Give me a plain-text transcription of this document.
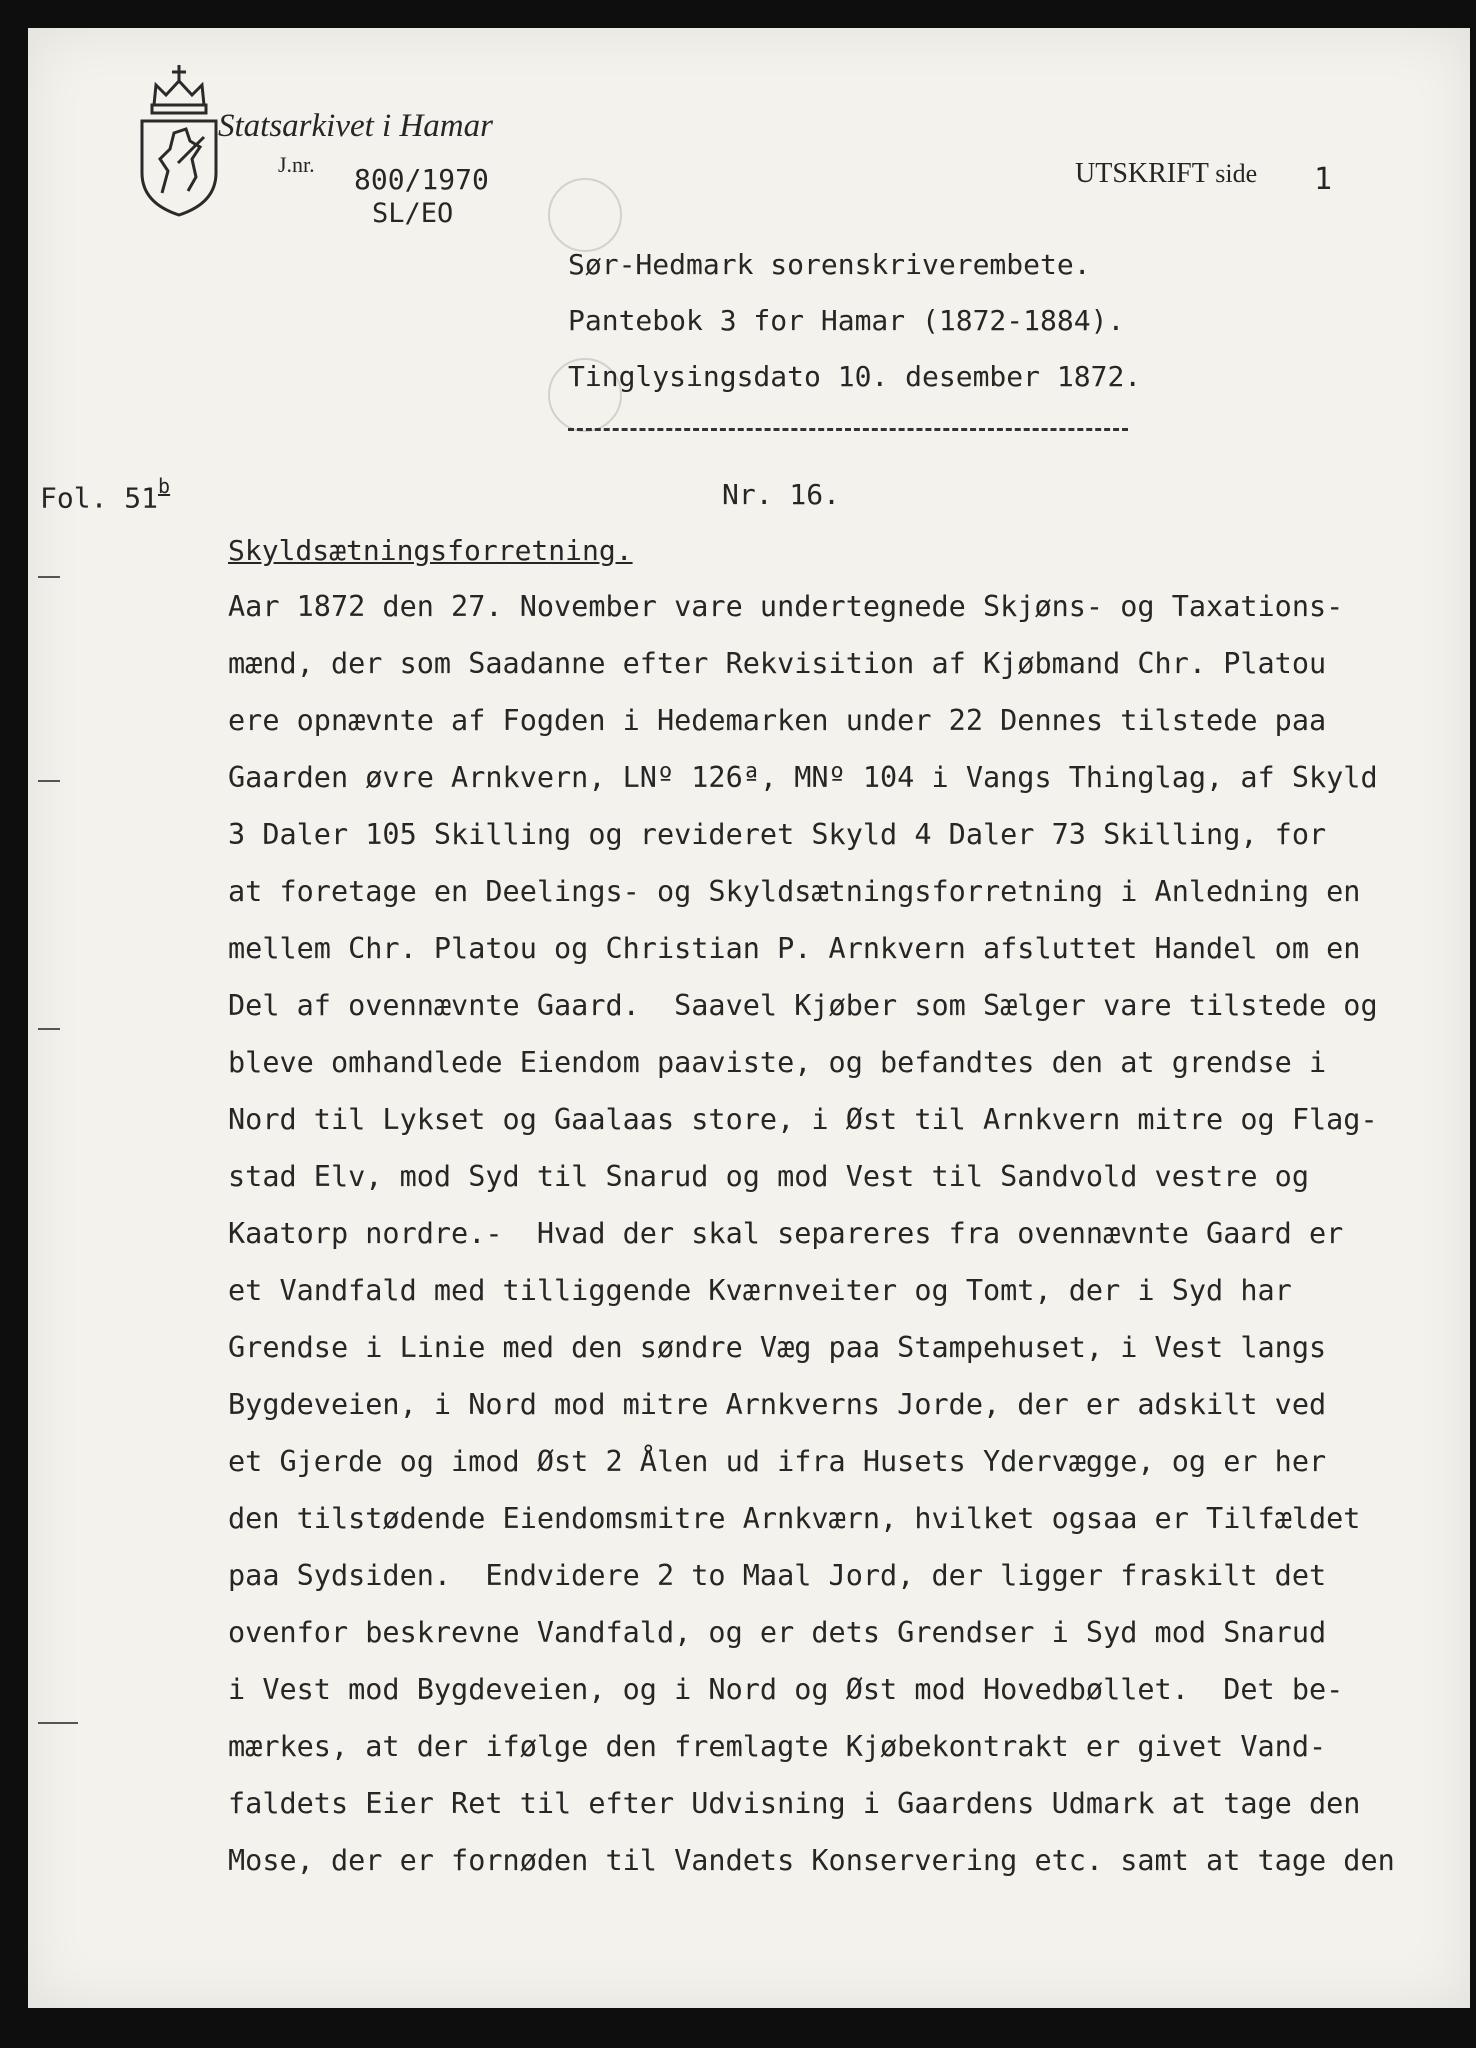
Statsarkivet i Hamar
J.nr. 800/1970
SL/EO
UTSKRIFT side 1
Sør-Hedmark sorenskriverembete.
Pantebok 3 for Hamar (1872-1884).
Tinglysingsdato 10. desember 1872.
Fol. 51$^b$	Nr. 16.
Skyldsætningsforretning.
Aar 1872 den 27. November vare undertegnede Skjøns- og Taxations-
mænd, der som Saadanne efter Rekvisition af Kjøbmand Chr. Platou
ere opnævnte af Fogden i Hedemarken under 22 Dennes tilstede paa
Gaarden øvre Arnkvern, LNº 126ª, MNº 104 i Vangs Thinglag, af Skyld
3 Daler 105 Skilling og revideret Skyld 4 Daler 73 Skilling, for
at foretage en Deelings- og Skyldsætningsforretning i Anledning en
mellem Chr. Platou og Christian P. Arnkvern afsluttet Handel om en
Del af ovennævnte Gaard.  Saavel Kjøber som Sælger vare tilstede og
bleve omhandlede Eiendom paaviste, og befandtes den at grendse i
Nord til Lykset og Gaalaas store, i Øst til Arnkvern mitre og Flag-
stad Elv, mod Syd til Snarud og mod Vest til Sandvold vestre og
Kaatorp nordre.-  Hvad der skal separeres fra ovennævnte Gaard er
et Vandfald med tilliggende Kværnveiter og Tomt, der i Syd har
Grendse i Linie med den søndre Væg paa Stampehuset, i Vest langs
Bygdeveien, i Nord mod mitre Arnkverns Jorde, der er adskilt ved
et Gjerde og imod Øst 2 Ålen ud ifra Husets Ydervægge, og er her
den tilstødende Eiendomsmitre Arnkværn, hvilket ogsaa er Tilfældet
paa Sydsiden.  Endvidere 2 to Maal Jord, der ligger fraskilt det
ovenfor beskrevne Vandfald, og er dets Grendser i Syd mod Snarud
i Vest mod Bygdeveien, og i Nord og Øst mod Hovedbøllet.  Det be-
mærkes, at der ifølge den fremlagte Kjøbekontrakt er givet Vand-
faldets Eier Ret til efter Udvisning i Gaardens Udmark at tage den
Mose, der er fornøden til Vandets Konservering etc. samt at tage den
